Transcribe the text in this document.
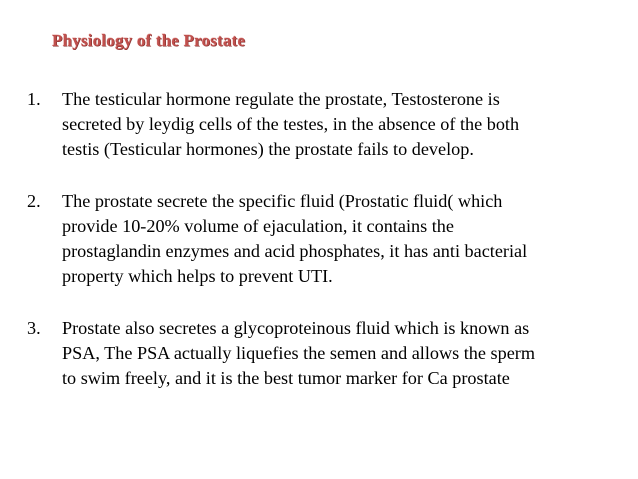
Physiology of the Prostate
1. The testicular hormone regulate the prostate, Testosterone is
secreted by leydig cells of the testes, in the absence of the both
testis (Testicular hormones) the prostate fails to develop.
2. The prostate secrete the specific fluid (Prostatic fluid( which
provide 10-20% volume of ejaculation, it contains the
prostaglandin enzymes and acid phosphates, it has anti bacterial
property which helps to prevent UTI.
3. Prostate also secretes a glycoproteinous fluid which is known as
PSA, The PSA actually liquefies the semen and allows the sperm
to swim freely, and it is the best tumor marker for Ca prostate
